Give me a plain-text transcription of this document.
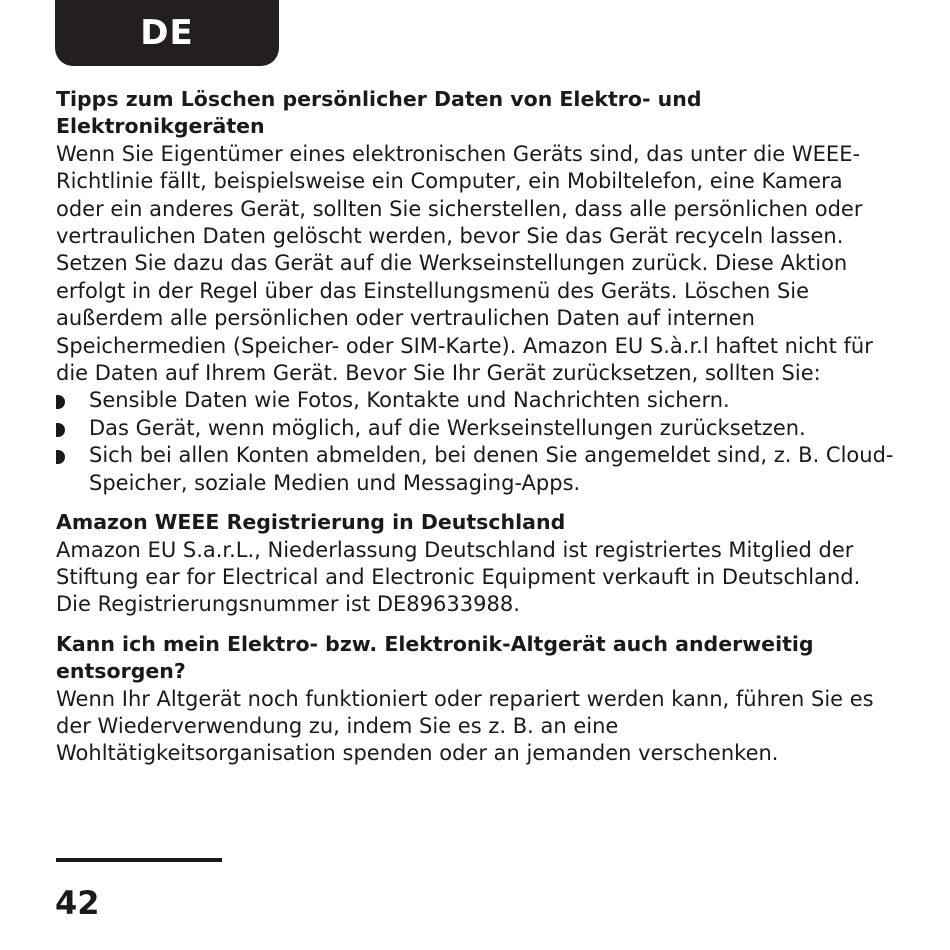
DE
Tipps zum Löschen persönlicher Daten von Elektro- und Elektronikgeräten

Wenn Sie Eigentümer eines elektronischen Geräts sind, das unter die WEEE-Richtlinie fällt, beispielsweise ein Computer, ein Mobiltelefon, eine Kamera oder ein anderes Gerät, sollten Sie sicherstellen, dass alle persönlichen oder vertraulichen Daten gelöscht werden, bevor Sie das Gerät recyceln lassen.

Setzen Sie dazu das Gerät auf die Werkseinstellungen zurück. Diese Aktion erfolgt in der Regel über das Einstellungsmenü des Geräts. Löschen Sie außerdem alle persönlichen oder vertraulichen Daten auf internen Speichermedien (Speicher- oder SIM-Karte). Amazon EU S.à.r.l haftet nicht für die Daten auf Ihrem Gerät. Bevor Sie Ihr Gerät zurücksetzen, sollten Sie:

Sensible Daten wie Fotos, Kontakte und Nachrichten sichern.
Das Gerät, wenn möglich, auf die Werkseinstellungen zurücksetzen.
Sich bei allen Konten abmelden, bei denen Sie angemeldet sind, z. B. Cloud-Speicher, soziale Medien und Messaging-Apps.
Amazon WEEE Registrierung in Deutschland

Amazon EU S.a.r.L., Niederlassung Deutschland ist registriertes Mitglied der Stiftung ear for Electrical and Electronic Equipment verkauft in Deutschland. Die Registrierungsnummer ist DE89633988.

Kann ich mein Elektro- bzw. Elektronik-Altgerät auch anderweitig entsorgen?

Wenn Ihr Altgerät noch funktioniert oder repariert werden kann, führen Sie es der Wiederverwendung zu, indem Sie es z. B. an eine Wohltätigkeitsorganisation spenden oder an jemanden verschenken.

42
